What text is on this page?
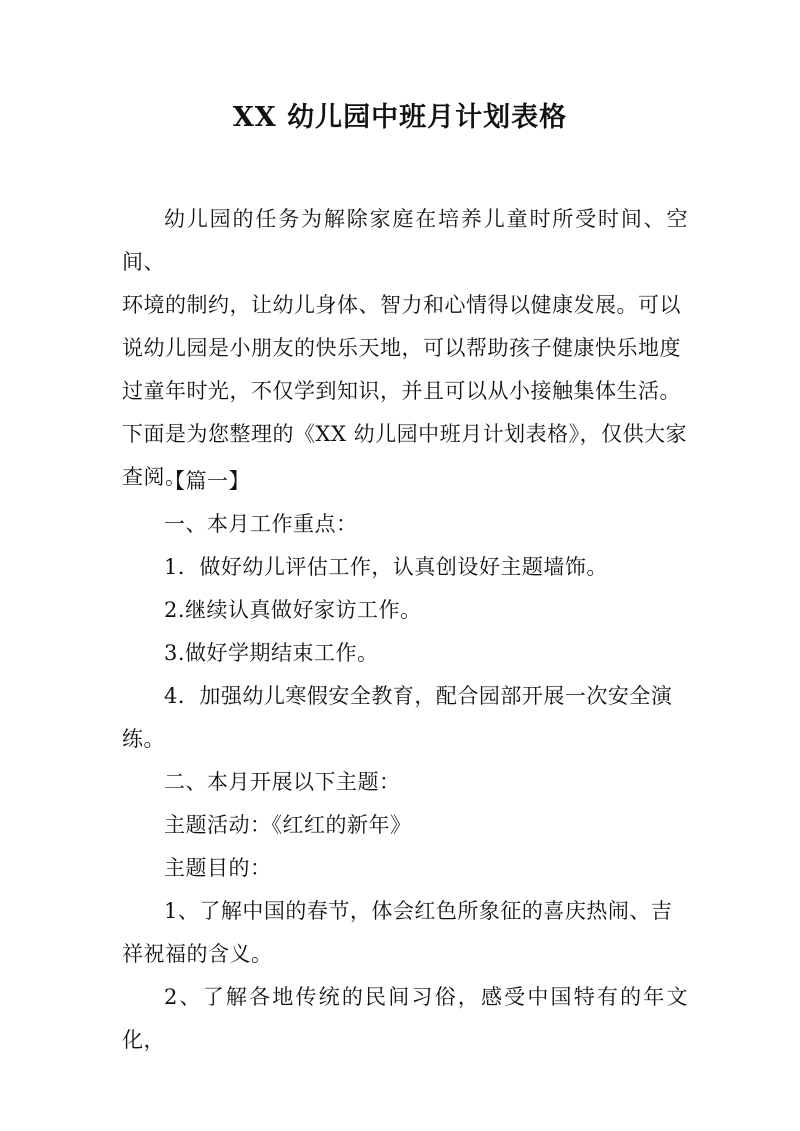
XX 幼儿园中班月计划表格

幼儿园的任务为解除家庭在培养儿童时所受时间、空间、

环境的制约，让幼儿身体、智力和心情得以健康发展。可以

说幼儿园是小朋友的快乐天地，可以帮助孩子健康快乐地度

过童年时光，不仅学到知识，并且可以从小接触集体生活。

下面是为您整理的《XX 幼儿园中班月计划表格》，仅供大家

查阅。

【篇一】

一、本月工作重点：

1．做好幼儿评估工作，认真创设好主题墙饰。

2.继续认真做好家访工作。

3.做好学期结束工作。

4．加强幼儿寒假安全教育，配合园部开展一次安全演

练。

二、本月开展以下主题：

主题活动：《红红的新年》

主题目的：

1、了解中国的春节，体会红色所象征的喜庆热闹、吉

祥祝福的含义。

2、了解各地传统的民间习俗，感受中国特有的年文化，
